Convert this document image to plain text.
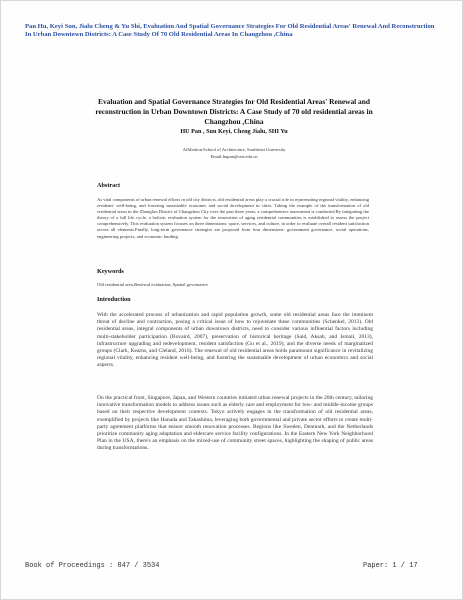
Pan Hu, Keyi Sun, Jialu Cheng & Yu Shi, Evaluation And Spatial Governance Strategies For Old Residential Areas' Renewal And Reconstruction In Urban Downtown Districts: A Case Study Of 70 Old Residential Areas In Changzhou ,China
Evaluation and Spatial Governance Strategies for Old Residential Areas' Renewal and reconstruction in Urban Downtown Districts: A Case Study of 70 old residential areas in Changzhou ,China
HU Pan , Sun Keyi, Cheng Jialu, SHI Yu
Affiliation:School of Architecture, Southeast University
Email:hupan@seu.edu.cn
Abstract

As vital components of urban renewal efforts in old city districts, old residential areas play a crucial role in rejuvenating regional vitality, enhancing residents' well-being, and fostering sustainable economic and social development in cities. Taking the example of the transformation of old residential areas in the Zhonglou District of Changzhou City over the past three years, a comprehensive assessment is conducted.By integrating the theory of a full life cycle, a holistic evaluation system for the renovation of aging residential communities is established to assess the project comprehensively. This evaluation system focuses on three dimensions: space, services, and culture, in order to evaluate overall resident satisfaction across all elements.Finally, long-term governance strategies are proposed from four dimensions: government governance, social operations, engineering projects, and economic funding.

Keywords
Old residential area,Renewal evaluation, Spatial governance
Introduction

With the accelerated process of urbanization and rapid population growth, some old residential areas face the imminent threat of decline and contraction, posing a critical issue of how to rejuvenate these communities (Schenkel, 2013). Old residential areas, integral components of urban downtown districts, need to consider various influential factors including multi-stakeholder participation (Bovaird, 2007), preservation of historical heritage (Said, Aksah, and Ismail, 2013), infrastructure upgrading and redevelopment, resident satisfaction (Gu et al., 2019), and the diverse needs of marginalized groups (Clark, Kearns, and Cleland, 2016). The renewal of old residential areas holds paramount significance in revitalizing regional vitality, enhancing resident well-being, and fostering the sustainable development of urban economics and social aspects.

On the practical front, Singapore, Japan, and Western countries initiated urban renewal projects in the 20th century, tailoring innovative transformation models to address issues such as elderly care and employment for low- and middle-income groups based on their respective development contexts. Tokyo actively engages in the transformation of old residential areas, exemplified by projects like Hanada and Takashima, leveraging both governmental and private sector efforts to create multi-party agreement platforms that ensure smooth renovation processes. Regions like Sweden, Denmark, and the Netherlands prioritize community aging adaptation and eldercare service facility configurations. In the Eastern New York Neighborhood Plan in the USA, there's an emphasis on the mixed-use of community street spaces, highlighting the shaping of public areas during transformations.

Book of Proceedings : 847 / 3534	Paper: 1 / 17
